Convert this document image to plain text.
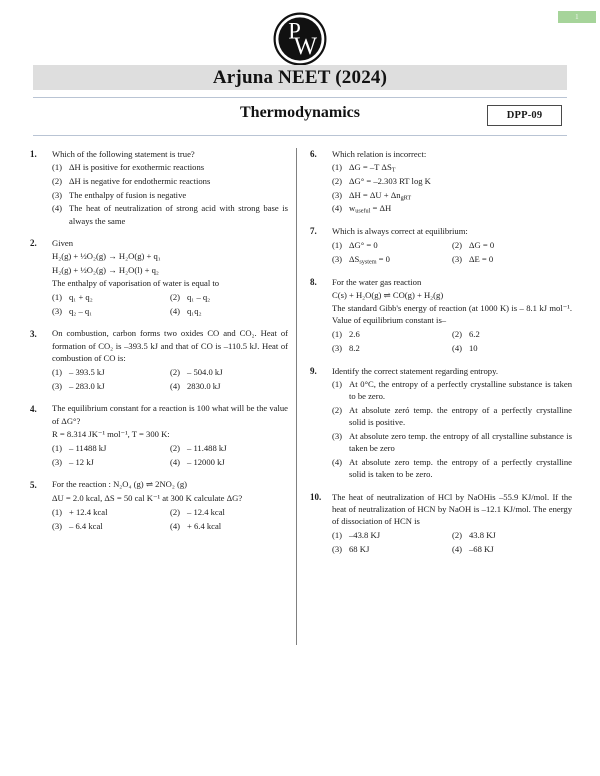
1
P
W
Arjuna NEET (2024)
Thermodynamics	DPP-09
1.	Which of the following statement is true?
(1) ΔH is positive for exothermic reactions
(2) ΔH is negative for endothermic reactions
(3) The enthalpy of fusion is negative
(4) The heat of neutralization of strong acid with strong base is always the same
2.	Given
H₂(g) + ½O₂(g) → H₂O(g) + q₁
H₂(g) + ½O₂(g) → H₂O(l) + q₂
The enthalpy of vaporisation of water is equal to
(1) q₁ + q₂	(2) q₁ – q₂
(3) q₂ – q₁	(4) q₁q₂
3.	On combustion, carbon forms two oxides CO and CO₂. Heat of formation of CO₂ is –393.5 kJ and that of CO is –110.5 kJ. Heat of combustion of CO is:
(1) – 393.5 kJ	(2) – 504.0 kJ
(3) – 283.0 kJ	(4) 2830.0 kJ
4.	The equilibrium constant for a reaction is 100 what will be the value of ΔG°?
R = 8.314 JK⁻¹ mol⁻¹, T = 300 K:
(1) – 11488 kJ	(2) – 11.488 kJ
(3) – 12 kJ	(4) – 12000 kJ
5.	For the reaction : N₂O₄ (g) ⇌ 2NO₂ (g)
ΔU = 2.0 kcal, ΔS = 50 cal K⁻¹ at 300 K calculate ΔG?
(1) + 12.4 kcal	(2) – 12.4 kcal
(3) – 6.4 kcal	(4) + 6.4 kcal
6.	Which relation is incorrect:
(1) ΔG = –T $\Delta S_T$
(2) ΔG° = –2.303 RT log K
(3) $\Delta H = \Delta U + \Delta n_{gRT}$
(4) $w_{useful} = \Delta H$
7.	Which is always correct at equilibrium:
(1) ΔG° = 0	(2) ΔG = 0
(3) $\Delta S_{system} = 0$	(3) ΔE = 0
8.	For the water gas reaction
C(s) + H₂O(g) ⇌ CO(g) + H₂(g)
The standard Gibb's energy of reaction (at 1000 K) is – 8.1 kJ mol⁻¹. Value of equilibrium constant is–
(1) 2.6	(2) 6.2
(3) 8.2	(4) 10
9.	Identify the correct statement regarding entropy.
(1) At 0°C, the entropy of a perfectly crystalline substance is taken to be zero.
(2) At absolute zeró temp. the entropy of a perfectly crystalline solid is positive.
(3) At absolute zero temp. the entropy of all crystalline substance is taken be zero
(4) At absolute zero temp. the entropy of a perfectly crystalline solid is taken to be zero.
10.	The heat of neutralization of HCl by NaOHis –55.9 KJ/mol. If the heat of neutralization of HCN by NaOH is –12.1 KJ/mol. The energy of dissociation of HCN is
(1) –43.8 KJ	(2) 43.8 KJ
(3) 68 KJ	(4) –68 KJ
